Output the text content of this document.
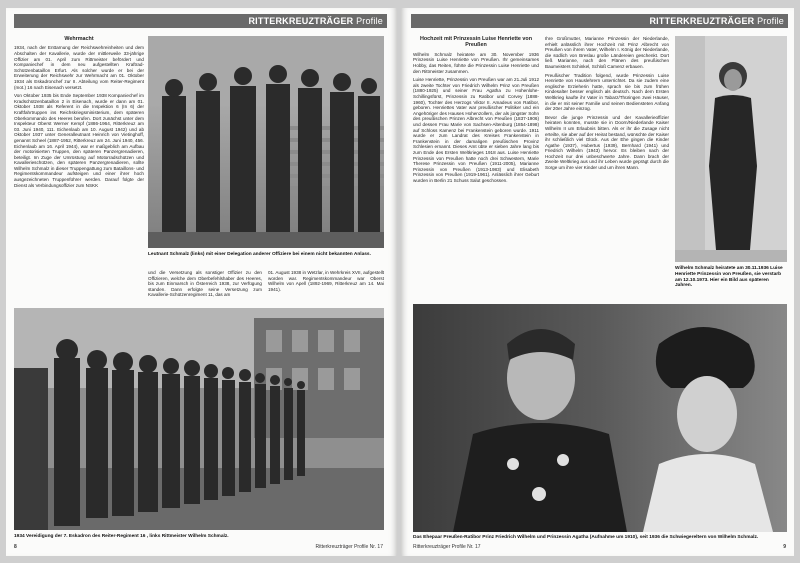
RITTERKREUZTRÄGER Profile
Wehrmacht

1934, nach der Enttarnung der Reichswehreinheiten und dem Abschalten der Kavallerie, wurde der mittlerweile 33-jährige Offizier am 01. April zum Rittmeister befördert und Kompaniechef in dem neu aufgestellten Kraftrad-Schützenbataillon Erfurt. Als solcher wurde er bei der Erweiterung der Reichswehr zur Wehrmacht am 01. Oktober 1934 als Eskadronchef zur II. Abteilung vom Reiter-Regiment (mot.) 16 nach Eisenach versetzt.

Von Oktober 1935 bis Ende September 1938 Kompaniechef im Kradschützenbataillon 2 in Eisenach, wurde er dann am 01. Oktober 1938 als Referent in die Inspektion 6 (In 6) der Kraftfahrtruppen ins Reichskriegsministerium, dem späteren Oberkommando des Heeres berufen. Dort zunächst unter dem Inspekteur Oberst Werner Kempf (1886-1964, Ritterkreuz am 03. Juni 1940, 111. Eichenlaub am 10. August 1942) und ab Oktober 1937 unter Generalleutnant Heinrich von Vietinghoff, genannt Scheel (1887-1952, Ritterkreuz am 24. Juni 1940, 456. Eichenlaub am 16. April 1944), war er maßgeblich am Aufbau der motorisierten Truppen, den späteren Panzergrenadieren, beteiligt. Im Zuge der Umrüstung auf Motorradschützen und Kavallerieschützen, den späteren Panzergrenadieren, sollte Wilhelm Schmalz in dieser Truppengattung zum Bataillons- und Regimentskommandeur aufsteigen und einer ihrer hoch ausgezeichneten Truppenführer werden. Darauf folgte der Dienst als Verbindungsoffizier zum NSKK

Leutnant Schmalz (links) mit einer Delegation anderer Offiziere bei einem nicht bekannten Anlass.

und die Versetzung als sonstiger Offizier zu den Offizieren, welche dem Oberbefehlshaber des Heeres, bis zum Einmarsch in Österreich 1938, zur Verfügung standen. Dann erfolgte seine Versetzung zum Kavallerie-Schützenregiment 11, das am

01. August 1938 in Wetzlar, in Wehrkreis XVII, aufgestellt worden war. Regimentskommandeur war Oberst Wilhelm von Apell (1892-1969, Ritterkreuz am 14. Mai 1941).

1934 Vereidigung der 7. Eskadron des Reiter-Regiment 16 , links Rittmeister Wilhelm Schmalz.
8	Ritterkreuzträger Profile Nr. 17
RITTERKREUZTRÄGER Profile
Hochzeit mit Prinzessin Luise Henriette von Preußen

Wilhelm Schmalz heiratete am 30. November 1936 Prinzessin Luise Henriette von Preußen. Ihr gemeinsames Hobby, das Reiten, führte die Prinzessin Luise Henriette und den Rittmeister zusammen.

Luise Henriette, Prinzessin von Preußen war am 21.Juli 1912 als zweite Tochter von Friedrich Wilhelm Prinz von Preußen (1880-1925) und seiner Frau Agatha zu Hohenlohe-Schillingsfürst, Prinzessin zu Ratibor und Corvey (1888-1960), Tochter des Herzogs Viktor II. Amadeus von Ratibor, geboren. Henriettes Vater war preußischer Politiker und ein Angehöriger des Hauses Hohenzollern, der als jüngster Sohn des preußischen Prinzen Albrecht von Preußen (1837-1906) und dessen Frau Marie von Sachsen-Altenburg (1854-1898) auf Schloss Kamenz bei Frankenstein geboren wurde. 1911 wurde er zum Landrat des Kreises Frankenstein in Frankenstein in der damaligen preußischen Provinz Schlesien ernannt. Dieses Amt übte er sieben Jahre lang bis zum Ende des Ersten Weltkrieges 1918 aus. Luise Henriette Prinzessin von Preußen hatte noch drei Schwestern, Marie Therese Prinzessin von Preußen (1911-2005), Marianne Prinzessin von Preußen (1913-1983) und Elisabeth Prinzessin von Preußen (1919-1961). Anlässlich ihrer Geburt wurden in Berlin 21 Schuss Salut geschossen.

Ihre Großmutter, Marianne Prinzessin der Niederlande, erhielt anlässlich ihrer Hochzeit mit Prinz Albrecht von Preußen von ihrem Vater, Wilhelm I. König der Niederlande, die südlich von Breslau große Ländereien geschenkt. Dort ließ Marianne, nach den Plänen des preußischen Baumeisters Schinkel, Schloß Camenz erbauen.

Preußischer Tradition folgend, wurde Prinzessin Luise Henriette von Hauslehrern unterrichtet. Da sie zudem eine englische Erzieherin hatte, sprach sie bis zum frühen Kindesalter besser englisch als deutsch. Nach dem Ersten Weltkrieg kaufte ihr Vater in Tabarz/Thüringen zwei Häuser, in die er mit seiner Familie und seinen Bediensteten Anfang der 20er Jahre einzog.

Bevor die junge Prinzessin und der Kavallerieoffizier heiraten konnten, musste sie in Doorn/Niederlande Kaiser Wilhelm II um Erlaubnis bitten. Als er ihr die Zusage nicht erteilte, sie aber auf der Heirat bestand, wünschte der Kaiser ihr schließlich viel Glück. Aus der Ehe gingen die Kinder Agathe (1937), Hubertus (1939), Bernhard (1941) und Friedrich Wilhelm (1943) hervor. Es bleiben nach der Hochzeit nur drei unbeschwerte Jahre. Dann brach der Zweite Weltkrieg aus und ihr Leben wurde geprägt durch die Sorge um ihre vier Kinder und um ihren Mann.

Wilhelm Schmalz heiratete am 30.11.1936 Luise Henriette Prinzessin von Preußen, sie verstarb am 12.10.1973. Hier ein Bild aus späteren Jahren.
Das Ehepaar Preußen-Ratibor Prinz Friedrich Wilhelm und Prinzessin Agatha (Aufnahme um 1910), seit 1936 die Schwiegereltern von Wilhelm Schmalz.
Ritterkreuzträger Profile Nr. 17	9
